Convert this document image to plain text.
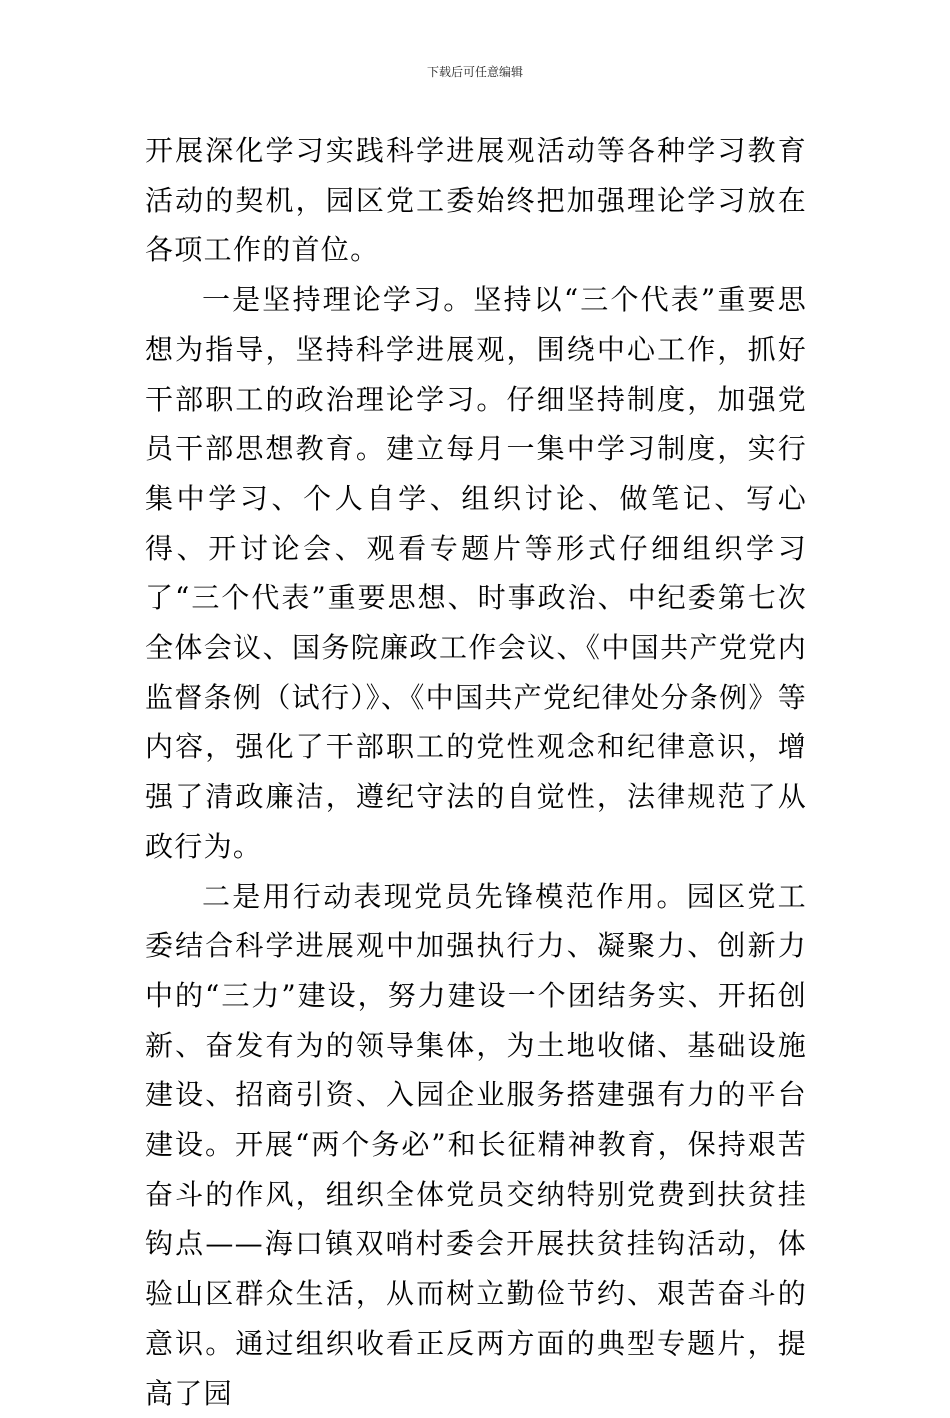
下载后可任意编辑

开展深化学习实践科学进展观活动等各种学习教育活动的契机，园区党工委始终把加强理论学习放在各项工作的首位。

一是坚持理论学习。坚持以“三个代表”重要思想为指导，坚持科学进展观，围绕中心工作，抓好干部职工的政治理论学习。仔细坚持制度，加强党员干部思想教育。建立每月一集中学习制度，实行集中学习、个人自学、组织讨论、做笔记、写心得、开讨论会、观看专题片等形式仔细组织学习了“三个代表”重要思想、时事政治、中纪委第七次全体会议、国务院廉政工作会议、《中国共产党党内监督条例（试行）》、《中国共产党纪律处分条例》等内容，强化了干部职工的党性观念和纪律意识，增强了清政廉洁，遵纪守法的自觉性，法律规范了从政行为。

二是用行动表现党员先锋模范作用。园区党工委结合科学进展观中加强执行力、凝聚力、创新力中的“三力”建设，努力建设一个团结务实、开拓创新、奋发有为的领导集体，为土地收储、基础设施建设、招商引资、入园企业服务搭建强有力的平台建设。开展“两个务必”和长征精神教育，保持艰苦奋斗的作风，组织全体党员交纳特别党费到扶贫挂钩点——海口镇双哨村委会开展扶贫挂钩活动，体验山区群众生活，从而树立勤俭节约、艰苦奋斗的意识。通过组织收看正反两方面的典型专题片，提高了园
